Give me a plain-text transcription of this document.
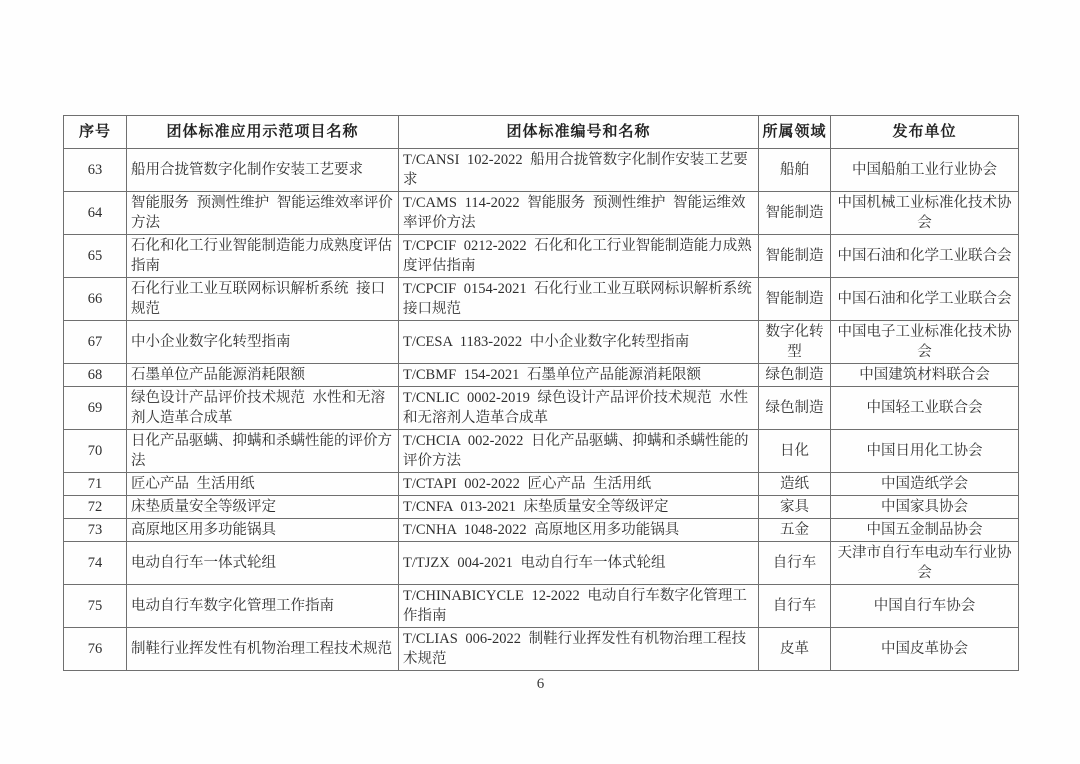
序号	团体标准应用示范项目名称	团体标准编号和名称	所属领域	发布单位
63	船用合拢管数字化制作安装工艺要求	T/CANSI 102-2022 船用合拢管数字化制作安装工艺要求	船舶	中国船舶工业行业协会
64	智能服务 预测性维护 智能运维效率评价方法	T/CAMS 114-2022 智能服务 预测性维护 智能运维效率评价方法	智能制造	中国机械工业标准化技术协会
65	石化和化工行业智能制造能力成熟度评估指南	T/CPCIF 0212-2022 石化和化工行业智能制造能力成熟度评估指南	智能制造	中国石油和化学工业联合会
66	石化行业工业互联网标识解析系统 接口规范	T/CPCIF 0154-2021 石化行业工业互联网标识解析系统 接口规范	智能制造	中国石油和化学工业联合会
67	中小企业数字化转型指南	T/CESA 1183-2022 中小企业数字化转型指南	数字化转型	中国电子工业标准化技术协会
68	石墨单位产品能源消耗限额	T/CBMF 154-2021 石墨单位产品能源消耗限额	绿色制造	中国建筑材料联合会
69	绿色设计产品评价技术规范 水性和无溶剂人造革合成革	T/CNLIC 0002-2019 绿色设计产品评价技术规范 水性和无溶剂人造革合成革	绿色制造	中国轻工业联合会
70	日化产品驱螨、抑螨和杀螨性能的评价方法	T/CHCIA 002-2022 日化产品驱螨、抑螨和杀螨性能的评价方法	日化	中国日用化工协会
71	匠心产品 生活用纸	T/CTAPI 002-2022 匠心产品 生活用纸	造纸	中国造纸学会
72	床垫质量安全等级评定	T/CNFA 013-2021 床垫质量安全等级评定	家具	中国家具协会
73	高原地区用多功能锅具	T/CNHA 1048-2022 高原地区用多功能锅具	五金	中国五金制品协会
74	电动自行车一体式轮组	T/TJZX 004-2021 电动自行车一体式轮组	自行车	天津市自行车电动车行业协会
75	电动自行车数字化管理工作指南	T/CHINABICYCLE 12-2022 电动自行车数字化管理工作指南	自行车	中国自行车协会
76	制鞋行业挥发性有机物治理工程技术规范	T/CLIAS 006-2022 制鞋行业挥发性有机物治理工程技术规范	皮革	中国皮革协会
6
